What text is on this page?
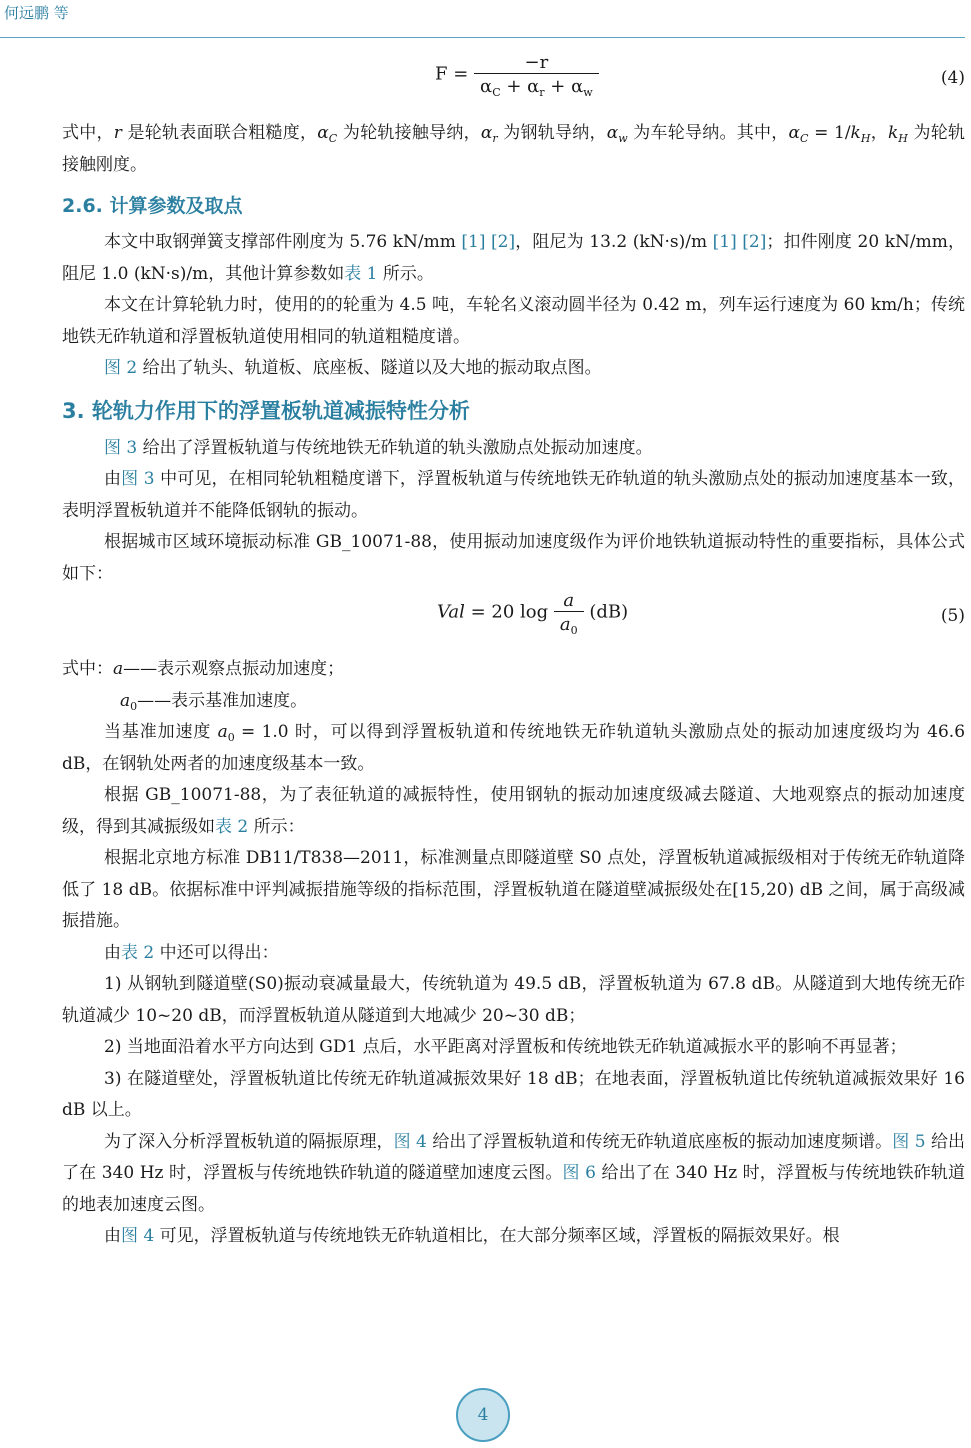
何远鹏 等
$F = \frac{-r}{\alpha_C + \alpha_r + \alpha_w}$	(4)

式中，r 是轮轨表面联合粗糙度，$\alpha_C$ 为轮轨接触导纳，$\alpha_r$ 为钢轨导纳，$\alpha_w$ 为车轮导纳。其中，$\alpha_C = 1/k_H$，$k_H$ 为轮轨接触刚度。

2.6. 计算参数及取点

本文中取钢弹簧支撑部件刚度为 5.76 kN/mm [1] [2]，阻尼为 13.2 (kN·s)/m [1] [2]；扣件刚度 20 kN/mm，阻尼 1.0 (kN·s)/m，其他计算参数如表 1 所示。

本文在计算轮轨力时，使用的的轮重为 4.5 吨，车轮名义滚动圆半径为 0.42 m，列车运行速度为 60 km/h；传统地铁无砟轨道和浮置板轨道使用相同的轨道粗糙度谱。

图 2 给出了轨头、轨道板、底座板、隧道以及大地的振动取点图。

3. 轮轨力作用下的浮置板轨道减振特性分析

图 3 给出了浮置板轨道与传统地铁无砟轨道的轨头激励点处振动加速度。

由图 3 中可见，在相同轮轨粗糙度谱下，浮置板轨道与传统地铁无砟轨道的轨头激励点处的振动加速度基本一致，表明浮置板轨道并不能降低钢轨的振动。

根据城市区域环境振动标准 GB_10071-88，使用振动加速度级作为评价地铁轨道振动特性的重要指标，具体公式如下：

Val = 20 $\log \frac{a}{a_0} (dB)$	(5)

式中：a——表示观察点振动加速度；

$a_0——$表示基准加速度。

当基准加速度 $a_0 = 1.0$ 时，可以得到浮置板轨道和传统地铁无砟轨道轨头激励点处的振动加速度级均为 46.6 dB，在钢轨处两者的加速度级基本一致。

根据 GB_10071-88，为了表征轨道的减振特性，使用钢轨的振动加速度级减去隧道、大地观察点的振动加速度级，得到其减振级如表 2 所示：

根据北京地方标准 DB11/T838—2011，标准测量点即隧道壁 S0 点处，浮置板轨道减振级相对于传统无砟轨道降低了 18 dB。依据标准中评判减振措施等级的指标范围，浮置板轨道在隧道壁减振级处在[15,20) dB 之间，属于高级减振措施。

由表 2 中还可以得出：

1) 从钢轨到隧道壁(S0)振动衰减量最大，传统轨道为 49.5 dB，浮置板轨道为 67.8 dB。从隧道到大地传统无砟轨道减少 10~20 dB，而浮置板轨道从隧道到大地减少 20~30 dB；

2) 当地面沿着水平方向达到 GD1 点后，水平距离对浮置板和传统地铁无砟轨道减振水平的影响不再显著；

3) 在隧道壁处，浮置板轨道比传统无砟轨道减振效果好 18 dB；在地表面，浮置板轨道比传统轨道减振效果好 16 dB 以上。

为了深入分析浮置板轨道的隔振原理，图 4 给出了浮置板轨道和传统无砟轨道底座板的振动加速度频谱。图 5 给出了在 340 Hz 时，浮置板与传统地铁砟轨道的隧道壁加速度云图。图 6 给出了在 340 Hz 时，浮置板与传统地铁砟轨道的地表加速度云图。

由图 4 可见，浮置板轨道与传统地铁无砟轨道相比，在大部分频率区域，浮置板的隔振效果好。根

4
